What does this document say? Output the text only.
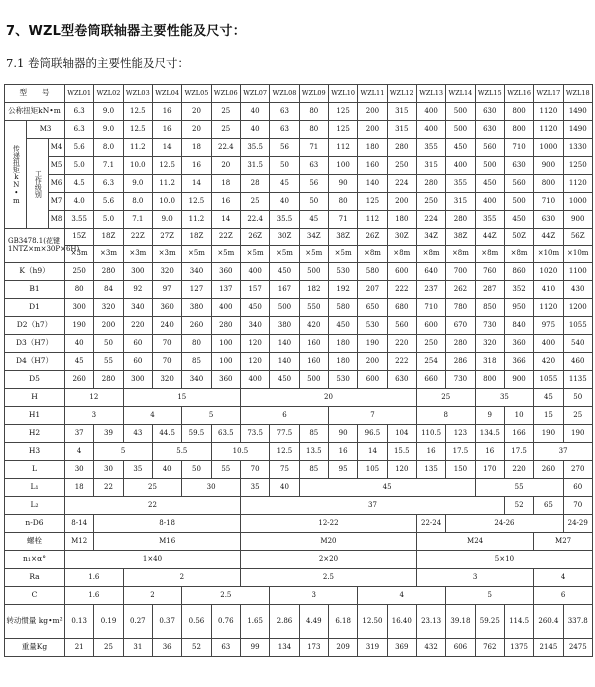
7、WZL型卷筒联轴器主要性能及尺寸：
7.1 卷筒联轴器的主要性能及尺寸：
型　　号			WZL01	WZL02	WZL03	WZL04	WZL05	WZL06	WZL07	WZL08	WZL09	WZL10	WZL11	WZL12	WZL13	WZL14	WZL15	WZL16	WZL17	WZL18	
公称扭矩kN•m			6.3	9.0	12.5	16	20	25	40	63	80	125	200	315	400	500	630	800	1120	1490	
传递扭矩kN•m	M3		6.3	9.0	12.5	16	20	25	40	63	80	125	200	315	400	500	630	800	1120	1490	
	工作级别	M4	5.6	8.0	11.2	14	18	22.4	35.5	56	71	112	180	280	355	450	560	710	1000	1330	
		M5	5.0	7.1	10.0	12.5	16	20	31.5	50	63	100	160	250	315	400	500	630	900	1250	
		M6	4.5	6.3	9.0	11.2	14	18	28	45	56	90	140	224	280	355	450	560	800	1120	
		M7	4.0	5.6	8.0	10.0	12.5	16	25	40	50	80	125	200	250	315	400	500	710	1000	
		M8	3.55	5.0	7.1	9.0	11.2	14	22.4	35.5	45	71	112	180	224	280	355	450	630	900	
GB3478.1(花键1NTZ×m×30P×6H)			15Z	18Z	22Z	27Z	18Z	22Z	26Z	30Z	34Z	38Z	26Z	30Z	34Z	38Z	44Z	50Z	44Z	56Z	
			×3m	×3m	×3m	×3m	×5m	×5m	×5m	×5m	×5m	×5m	×8m	×8m	×8m	×8m	×8m	×8m	×10m	×10m	
K（h9）			250	280	300	320	340	360	400	450	500	530	580	600	640	700	760	860	1020	1100	
B1			80	84	92	97	127	137	157	167	182	192	207	222	237	262	287	352	410	430	
D1			300	320	340	360	380	400	450	500	550	580	650	680	710	780	850	950	1120	1200	
D2（h7）			190	200	220	240	260	280	340	380	420	450	530	560	600	670	730	840	975	1055	
D3（H7）			40	50	60	70	80	100	120	140	160	180	190	220	250	280	320	360	400	540	
D4（H7）			45	55	60	70	85	100	120	140	160	180	200	222	254	286	318	366	420	460	
D5			260	280	300	320	340	360	400	450	500	530	600	630	660	730	800	900	1055	1135	
H			12		15				20						25		35		45	50	
H1			3		4		5		6			7			8		9	10	15	25	
H2			37	39	43	44.5	59.5	63.5	73.5	77.5	85	90	96.5	104	110.5	123	134.5	166	190	190	
H3			4	5		5.5		10.5		12.5	13.5	16	14	15.5	16	17.5	16	17.5	37		
L			30	30	35	40	50	55	70	75	85	95	105	120	135	150	170	220	260	270	
L₁			18	22	25		30		35	40	45						55			60	
L₂			22						37									52	65	70	
n-D6			8-14	8-18					12-22						22-24	24-26				24-29	
螺栓			M12	M16					M20						M24				M27		
n₁×α°			1×40						2×20						5×10						
Ra			1.6		2				2.5						3				4		
C			1.6		2		2.5			3			4			5			6		
转动惯量 kg•m²			0.13	0.19	0.27	0.37	0.56	0.76	1.65	2.86	4.49	6.18	12.50	16.40	23.13	39.18	59.25	114.5	260.4	337.8	
重量Kg			21	25	31	36	52	63	99	134	173	209	319	369	432	606	762	1375	2145	2475	
